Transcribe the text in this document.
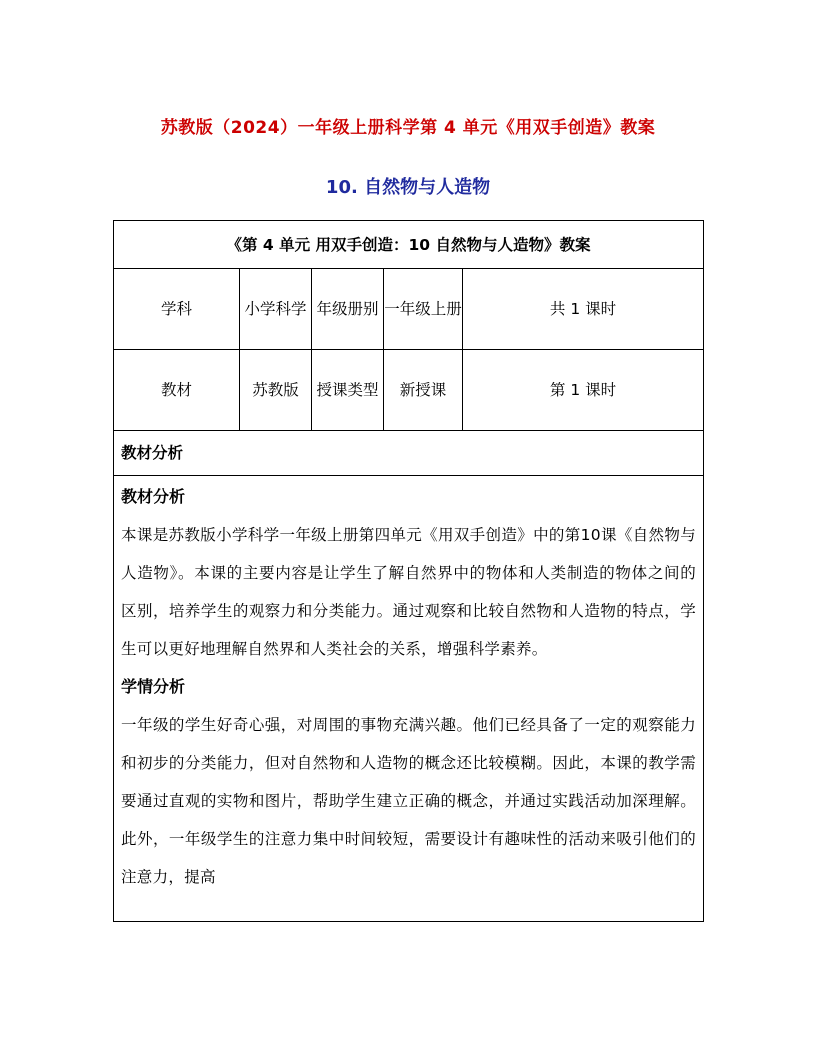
苏教版（2024）一年级上册科学第 4 单元《用双手创造》教案
10. 自然物与人造物
《第 4 单元 用双手创造：10 自然物与人造物》教案				
学科	小学科学	年级册别	一年级上册	共 1 课时
教材	苏教版	授课类型	新授课	第 1 课时
教材分析				

教材分析

本课是苏教版小学科学一年级上册第四单元《用双手创造》中的第10课《自然物与人造物》。本课的主要内容是让学生了解自然界中的物体和人类制造的物体之间的区别，培养学生的观察力和分类能力。通过观察和比较自然物和人造物的特点，学生可以更好地理解自然界和人类社会的关系，增强科学素养。

学情分析

一年级的学生好奇心强，对周围的事物充满兴趣。他们已经具备了一定的观察能力和初步的分类能力，但对自然物和人造物的概念还比较模糊。因此，本课的教学需要通过直观的实物和图片，帮助学生建立正确的概念，并通过实践活动加深理解。此外，一年级学生的注意力集中时间较短，需要设计有趣味性的活动来吸引他们的注意力，提高				
